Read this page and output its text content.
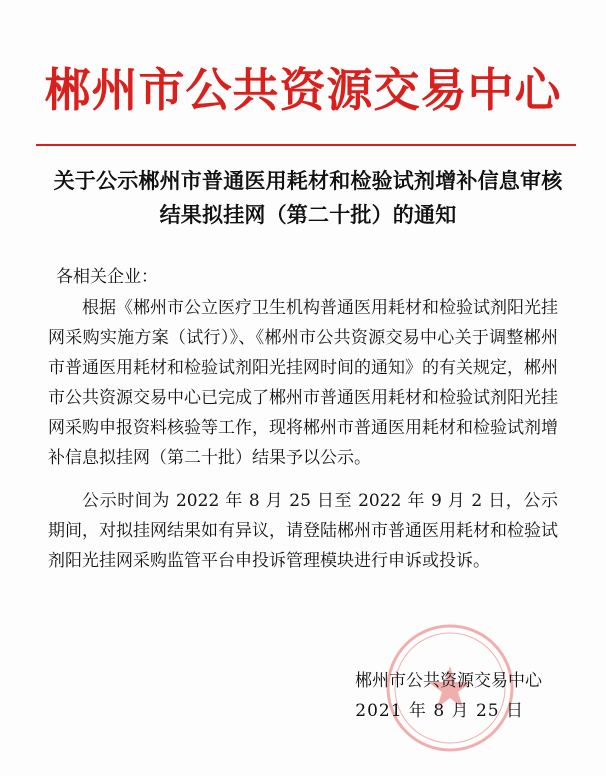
郴州市公共资源交易中心
关于公示郴州市普通医用耗材和检验试剂增补信息审核结果拟挂网（第二十批）的通知
各相关企业：
根据《郴州市公立医疗卫生机构普通医用耗材和检验试剂阳光挂网采购实施方案（试行）》、《郴州市公共资源交易中心关于调整郴州市普通医用耗材和检验试剂阳光挂网时间的通知》的有关规定，郴州市公共资源交易中心已完成了郴州市普通医用耗材和检验试剂阳光挂网采购申报资料核验等工作，现将郴州市普通医用耗材和检验试剂增补信息拟挂网（第二十批）结果予以公示。
公示时间为 2022 年 8 月 25 日至 2022 年 9 月 2 日，公示期间，对拟挂网结果如有异议，请登陆郴州市普通医用耗材和检验试剂阳光挂网采购监管平台申投诉管理模块进行申诉或投诉。
郴州市公共资源交易中心
2021 年 8 月 25 日
